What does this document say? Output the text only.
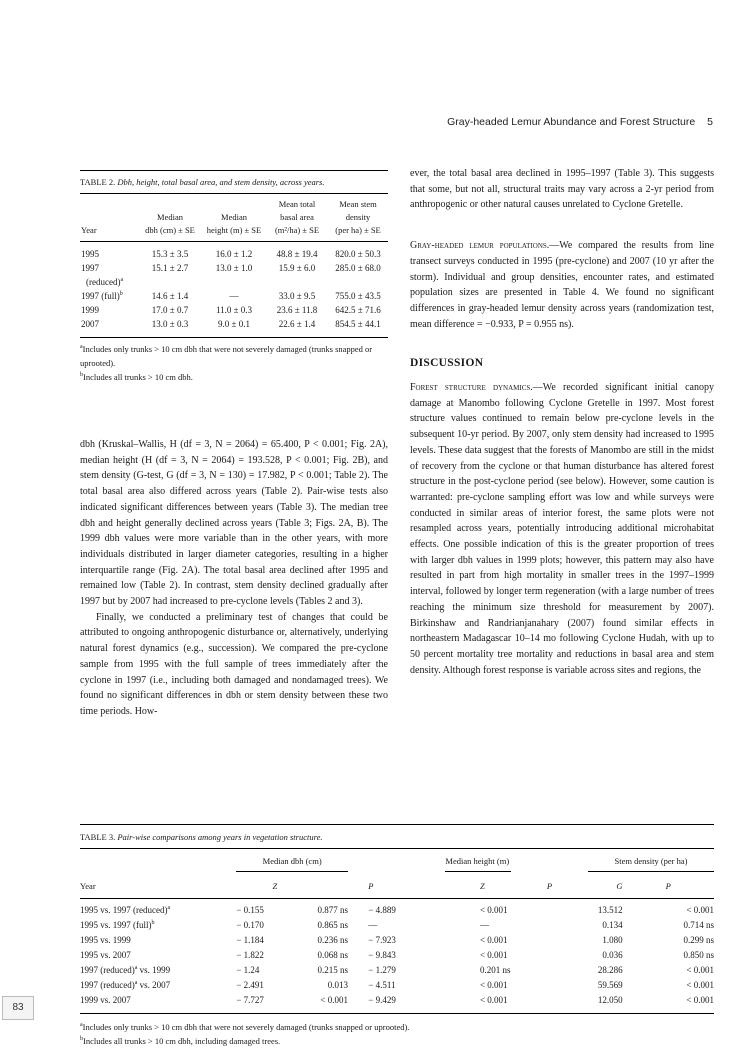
Gray-headed Lemur Abundance and Forest Structure 5
TABLE 2. Dbh, height, total basal area, and stem density, across years.
			Mean total	Mean stem
	Median	Median	basal area	density
Year	dbh (cm) ± SE	height (m) ± SE	(m²/ha) ± SE	(per ha) ± SE
1995	15.3 ± 3.5	16.0 ± 1.2	48.8 ± 19.4	820.0 ± 50.3
1997	15.1 ± 2.7	13.0 ± 1.0	15.9 ± 6.0	285.0 ± 68.0
(reduced)$^a$				
1997 (full)$^b$	14.6 ± 1.4	—	33.0 ± 9.5	755.0 ± 43.5
1999	17.0 ± 0.7	11.0 ± 0.3	23.6 ± 11.8	642.5 ± 71.6
2007	13.0 ± 0.3	9.0 ± 0.1	22.6 ± 1.4	854.5 ± 44.1
$^a$Includes only trunks > 10 cm dbh that were not severely damaged (trunks snapped or uprooted).
$^b$Includes all trunks > 10 cm dbh.

dbh (Kruskal–Wallis, H (df = 3, N = 2064) = 65.400, P < 0.001; Fig. 2A), median height (H (df = 3, N = 2064) = 193.528, P < 0.001; Fig. 2B), and stem density (G-test, G (df = 3, N = 130) = 17.982, P < 0.001; Table 2). The total basal area also differed across years (Table 2). Pair-wise tests also indicated significant differences between years (Table 3). The median tree dbh and height generally declined across years (Table 3; Figs. 2A, B). The 1999 dbh values were more variable than in the other years, with more individuals distributed in larger diameter categories, resulting in a higher interquartile range (Fig. 2A). The total basal area declined after 1995 and remained low (Table 2). In contrast, stem density declined gradually after 1997 but by 2007 had increased to pre-cyclone levels (Tables 2 and 3).

Finally, we conducted a preliminary test of changes that could be attributed to ongoing anthropogenic disturbance or, alternatively, underlying natural forest dynamics (e.g., succession). We compared the pre-cyclone sample from 1995 with the full sample of trees immediately after the cyclone in 1997 (i.e., including both damaged and nondamaged trees). We found no significant differences in dbh or stem density between these two time periods. How-

ever, the total basal area declined in 1995–1997 (Table 3). This suggests that some, but not all, structural traits may vary across a 2-yr period from anthropogenic or other natural causes unrelated to Cyclone Gretelle.

Gray-headed lemur populations.—We compared the results from line transect surveys conducted in 1995 (pre-cyclone) and 2007 (10 yr after the storm). Individual and group densities, encounter rates, and estimated population sizes are presented in Table 4. We found no significant differences in gray-headed lemur density across years (randomization test, mean difference = −0.933, P = 0.955 ns).

DISCUSSION

Forest structure dynamics.—We recorded significant initial canopy damage at Manombo following Cyclone Gretelle in 1997. Most forest structure values continued to remain below pre-cyclone levels in the subsequent 10-yr period. By 2007, only stem density had increased to 1995 levels. These data suggest that the forests of Manombo are still in the midst of recovery from the cyclone or that human disturbance has altered forest structure in the post-cyclone period (see below). However, some caution is warranted: pre-cyclone sampling effort was low and while surveys were conducted in similar areas of interior forest, the same plots were not resampled across years, potentially introducing additional microhabitat effects. One possible indication of this is the greater proportion of trees with larger dbh values in 1999 plots; however, this pattern may also have resulted in part from high mortality in smaller trees in the 1997–1999 interval, followed by longer term regeneration (with a large number of trees reaching the minimum size threshold for measurement by 2007). Birkinshaw and Randrianjanahary (2007) found similar effects in northeastern Madagascar 10–14 mo following Cyclone Hudah, with up to 50 percent mortality tree mortality and reductions in basal area and stem density. Although forest response is variable across sites and regions, the

TABLE 3. Pair-wise comparisons among years in vegetation structure.
		Median dbh (cm)				Median height (m)			Stem density (per ha)	
Year		Z			P		Z	P	G	P
1995 vs. 1997 (reduced)$^a$		− 0.155	0.877 ns		− 4.889		< 0.001		13.512	< 0.001
1995 vs. 1997 (full)$^b$		− 0.170	0.865 ns		—		—		0.134	0.714 ns
1995 vs. 1999		− 1.184	0.236 ns		− 7.923		< 0.001		1.080	0.299 ns
1995 vs. 2007		− 1.822	0.068 ns		− 9.843		< 0.001		0.036	0.850 ns
1997 (reduced)$^a$ vs. 1999		− 1.24	0.215 ns		− 1.279		0.201 ns		28.286	< 0.001
1997 (reduced)$^a$ vs. 2007		− 2.491	0.013		− 4.511		< 0.001		59.569	< 0.001
1999 vs. 2007		− 7.727	< 0.001		− 9.429		< 0.001		12.050	< 0.001
$^a$Includes only trunks > 10 cm dbh that were not severely damaged (trunks snapped or uprooted).
$^b$Includes all trunks > 10 cm dbh, including damaged trees.
83
